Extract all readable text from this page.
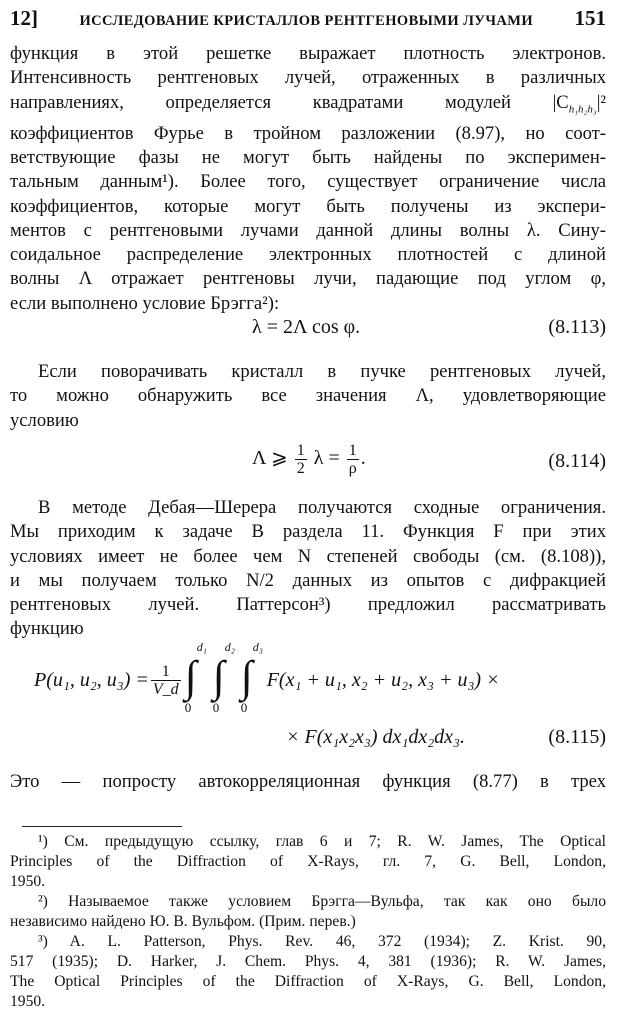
12]	ИССЛЕДОВАНИЕ КРИСТАЛЛОВ РЕНТГЕНОВЫМИ ЛУЧАМИ 151
функция в этой решетке выражает плотность электронов.
Интенсивность рентгеновых лучей, отраженных в различных
направлениях, определяется квадратами модулей $|C_{h_1h_2h_3}|^2$
коэффициентов Фурье в тройном разложении (8.97), но соот-
ветствующие фазы не могут быть найдены по эксперимен-
тальным данным¹). Более того, существует ограничение числа
коэффициентов, которые могут быть получены из экспери-
ментов с рентгеновыми лучами данной длины волны λ. Сину-
соидальное распределение электронных плотностей с длиной
волны Λ отражает рентгеновы лучи, падающие под углом φ,
если выполнено условие Брэгга²):
λ = 2Λ cos φ.	(8.113)
Если поворачивать кристалл в пучке рентгеновых лучей,
то можно обнаружить все значения Λ, удовлетворяющие
условию
Λ ⩾ $\frac{1}{2}$ $\lambda = \frac{1}{\rho}$ .	(8.114)
В методе Дебая—Шерера получаются сходные ограничения.
Мы приходим к задаче В раздела 11. Функция F при этих
условиях имеет не более чем N степеней свободы (см. (8.108)),
и мы получаем только N/2 данных из опытов с дифракцией
рентгеновых лучей. Паттерсон³) предложил рассматривать
функцию
P(u₁, u₂, $u_3) = \frac{1}{V\_d}$ ∫
d₁
0
∫
d₂
0
∫
d₃
0
F(x₁ + u₁, x₂ + u₂, x₃ + u₃) ×
× F(x₁x₂x₃) dx₁dx₂dx₃.	(8.115)
Это — попросту автокорреляционная функция (8.77) в трех
¹) См. предыдущую ссылку, глав 6 и 7; R. W. James, The Optical
Principles of the Diffraction of X-Rays, гл. 7, G. Bell, London,
1950.
²) Называемое также условием Брэгга—Вульфа, так как оно было
независимо найдено Ю. В. Вульфом. (Прим. перев.)
³) A. L. Patterson, Phys. Rev. 46, 372 (1934); Z. Krist. 90,
517 (1935); D. Harker, J. Chem. Phys. 4, 381 (1936); R. W. James,
The Optical Principles of the Diffraction of X-Rays, G. Bell, London,
1950.
